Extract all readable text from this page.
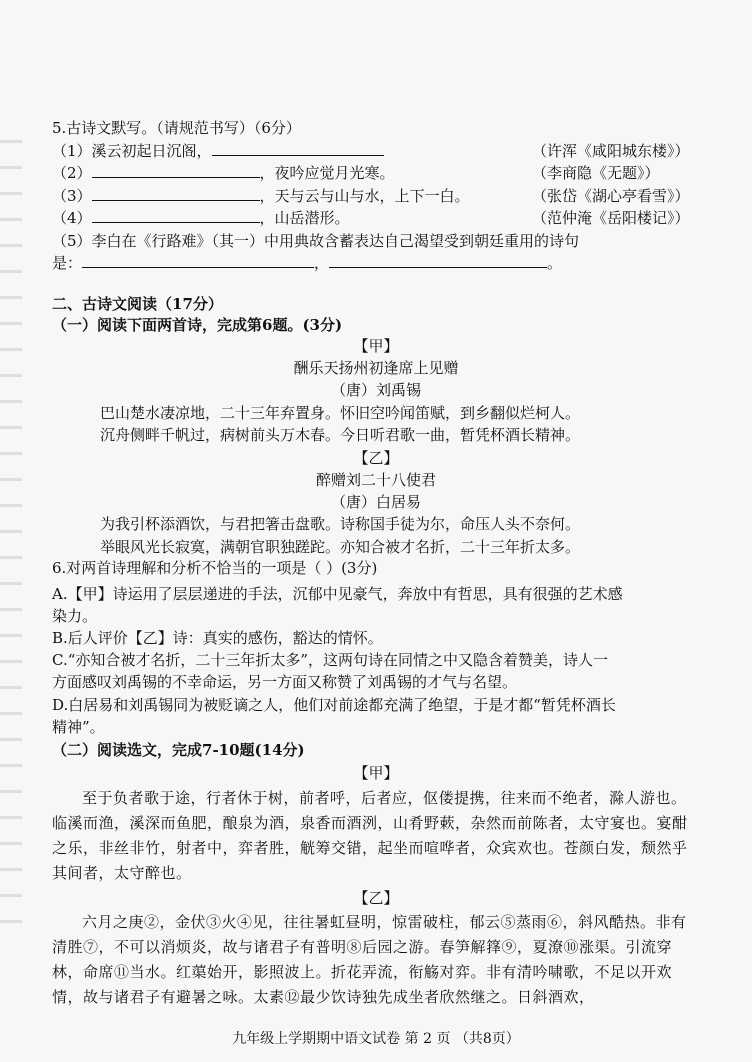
5.古诗文默写。（请规范书写）（6分）
（1）溪云初起日沉阁，	（许浑《咸阳城东楼》）
（2）	，夜吟应觉月光寒。	（李商隐《无题》）
（3）	，天与云与山与水，上下一白。	（张岱《湖心亭看雪》）
（4）	，山岳潜形。	（范仲淹《岳阳楼记》）
（5）李白在《行路难》（其一）中用典故含蓄表达自己渴望受到朝廷重用的诗句
是：	，	。
二、古诗文阅读（17分）
（一）阅读下面两首诗，完成第6题。(3分)
【甲】
酬乐天扬州初逢席上见赠
（唐）刘禹锡
巴山楚水凄凉地，二十三年弃置身。怀旧空吟闻笛赋，到乡翻似烂柯人。
沉舟侧畔千帆过，病树前头万木春。今日听君歌一曲，暂凭杯酒长精神。
【乙】
醉赠刘二十八使君
（唐）白居易
为我引杯添酒饮，与君把箸击盘歌。诗称国手徒为尔，命压人头不奈何。
举眼风光长寂寞，满朝官职独蹉跎。亦知合被才名折，二十三年折太多。
6.对两首诗理解和分析不恰当的一项是（ ）(3分)
A.【甲】诗运用了层层递进的手法，沉郁中见豪气，奔放中有哲思，具有很强的艺术感
染力。
B.后人评价【乙】诗：真实的感伤，豁达的情怀。
C.“亦知合被才名折，二十三年折太多”，这两句诗在同情之中又隐含着赞美，诗人一
方面感叹刘禹锡的不幸命运，另一方面又称赞了刘禹锡的才气与名望。
D.白居易和刘禹锡同为被贬谪之人，他们对前途都充满了绝望，于是才都“暂凭杯酒长
精神”。
（二）阅读选文，完成7-10题(14分)
【甲】
至于负者歌于途，行者休于树，前者呼，后者应，伛偻提携，往来而不绝者，滁人游也。临溪而渔，溪深而鱼肥，酿泉为酒，泉香而酒洌，山肴野蔌，杂然而前陈者，太守宴也。宴酣之乐，非丝非竹，射者中，弈者胜，觥筹交错，起坐而喧哗者，众宾欢也。苍颜白发，颓然乎其间者，太守醉也。
【乙】
六月之庚②，金伏③火④见，往往暑虹昼明，惊雷破柱，郁云⑤蒸雨⑥，斜风酷热。非有清胜⑦，不可以消烦炎，故与诸君子有普明⑧后园之游。春笋解箨⑨，夏潦⑩涨渠。引流穿林，命席⑪当水。红蕖始开，影照波上。折花弄流，衔觞对弈。非有清吟啸歌，不足以开欢情，故与诸君子有避暑之咏。太素⑫最少饮诗独先成坐者欣然继之。日斜酒欢，
九年级上学期期中语文试卷 第 2 页 （共8页）
